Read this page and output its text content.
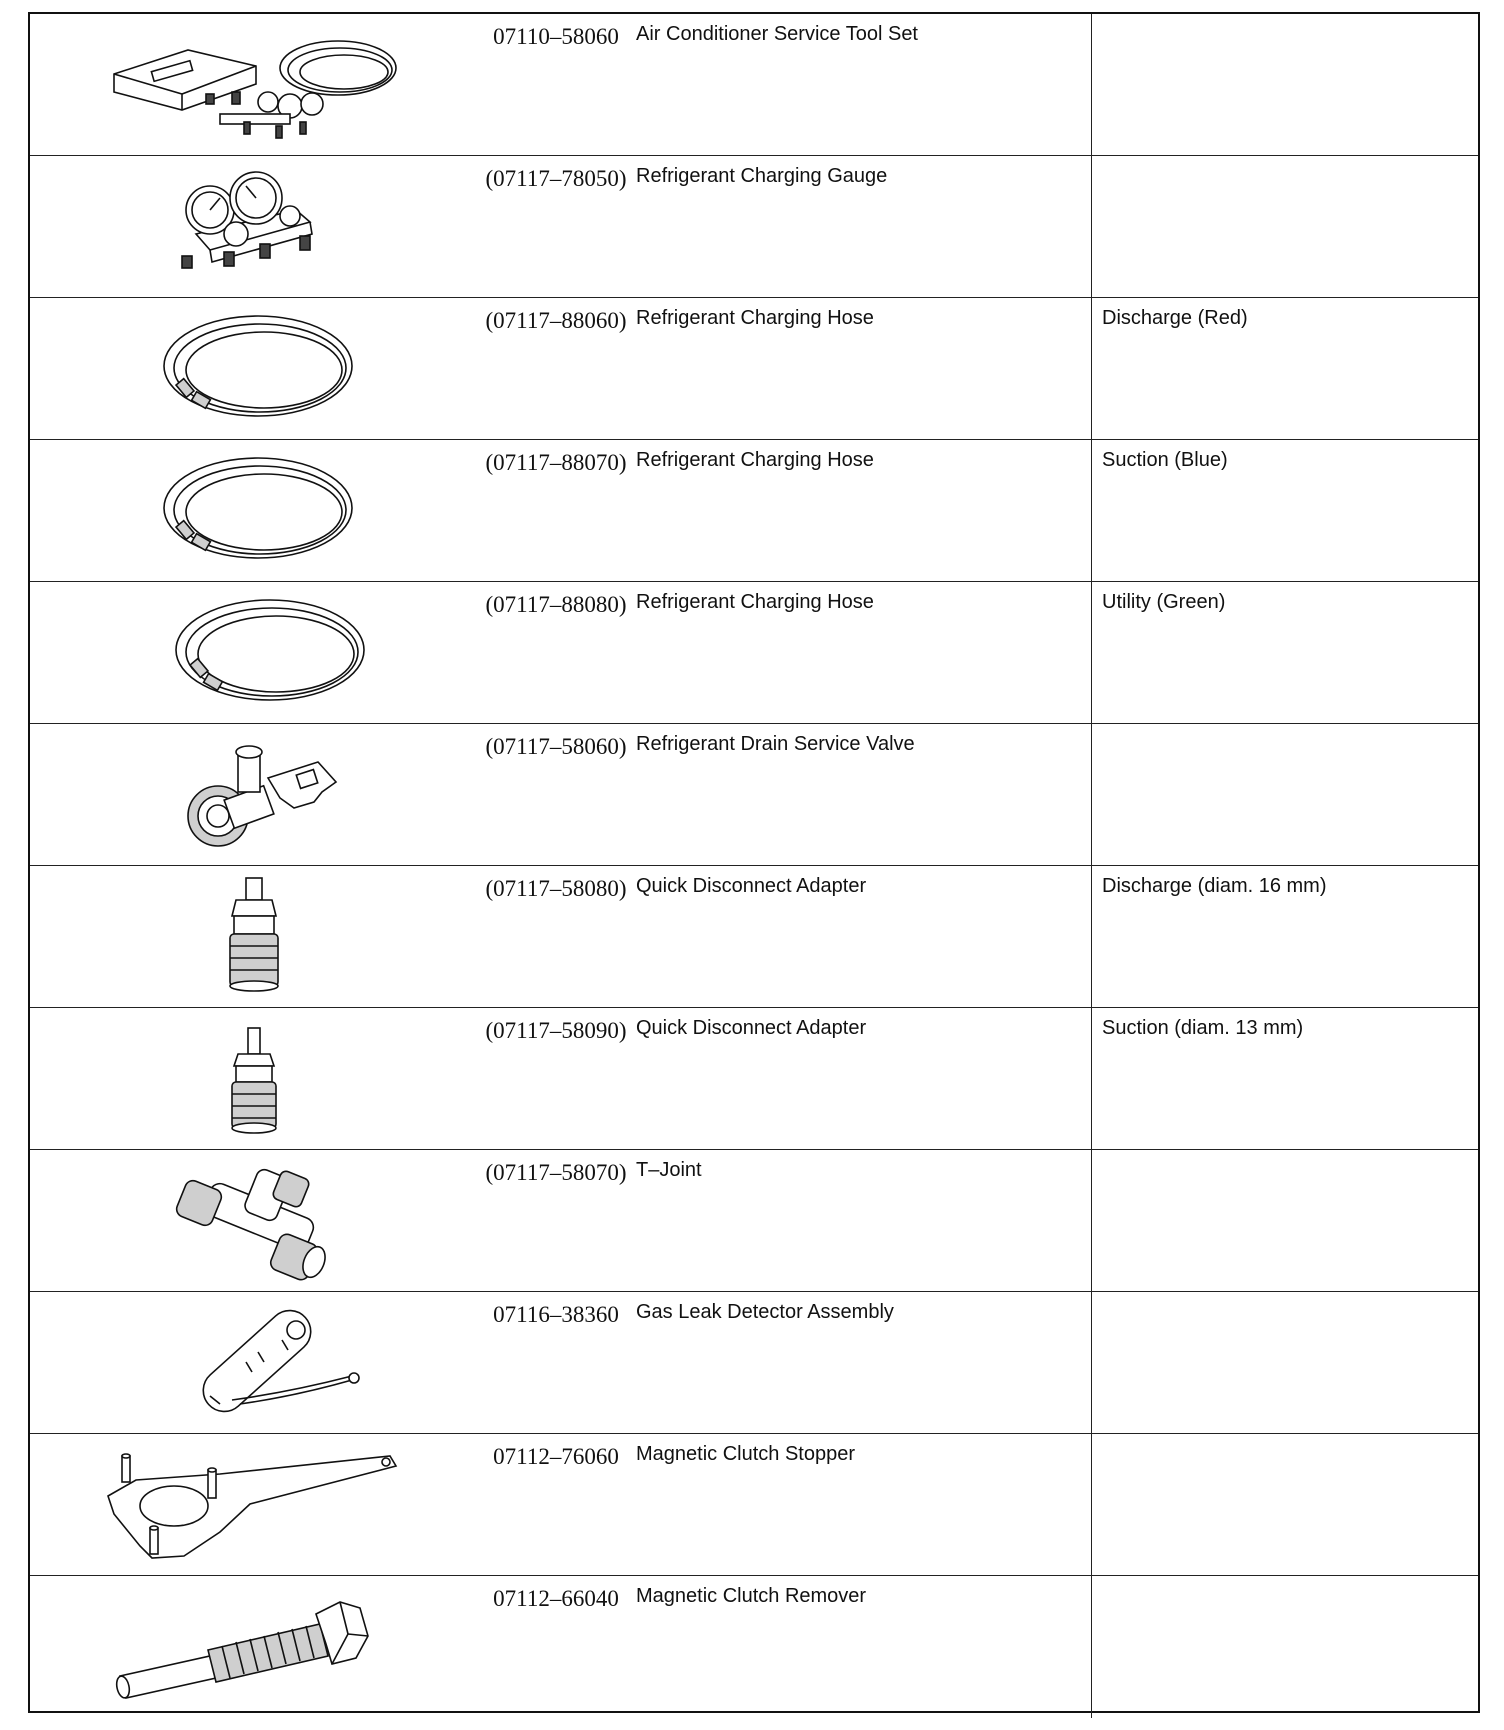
07110–58060 Air Conditioner Service Tool Set
(07117–78050) Refrigerant Charging Gauge
(07117–88060) Refrigerant Charging Hose	Discharge (Red)
(07117–88070) Refrigerant Charging Hose	Suction (Blue)
(07117–88080) Refrigerant Charging Hose	Utility (Green)
(07117–58060) Refrigerant Drain Service Valve
(07117–58080) Quick Disconnect Adapter	Discharge (diam. 16 mm)
(07117–58090) Quick Disconnect Adapter	Suction (diam. 13 mm)
(07117–58070) T–Joint
07116–38360 Gas Leak Detector Assembly
07112–76060 Magnetic Clutch Stopper
07112–66040 Magnetic Clutch Remover
